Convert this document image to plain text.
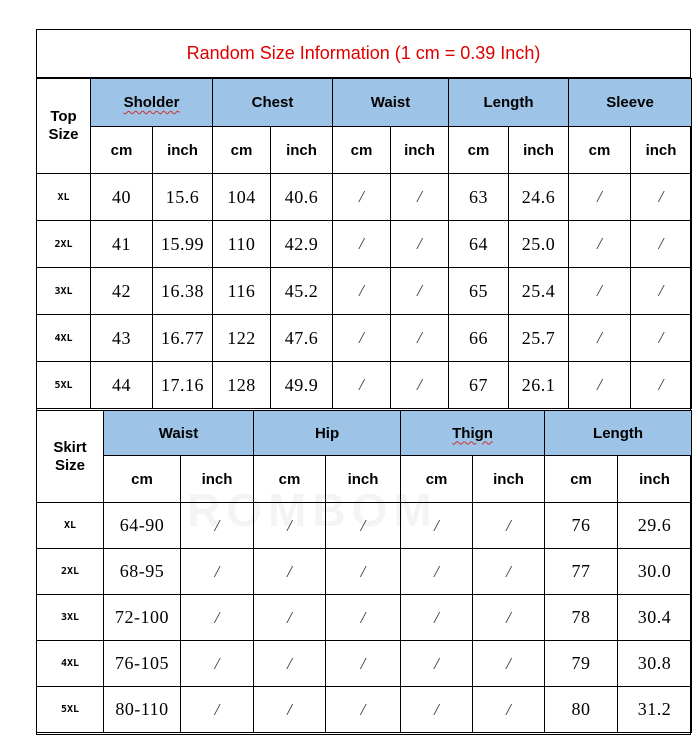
Random Size Information (1 cm = 0.39 Inch)
Top
Size	Sholder		Chest		Waist		Length		Sleeve	
	cm	inch	cm	inch	cm	inch	cm	inch	cm	inch
XL	40	15.6	104	40.6	/	/	63	24.6	/	/
2XL	41	15.99	110	42.9	/	/	64	25.0	/	/
3XL	42	16.38	116	45.2	/	/	65	25.4	/	/
4XL	43	16.77	122	47.6	/	/	66	25.7	/	/
5XL	44	17.16	128	49.9	/	/	67	26.1	/	/
Skirt
Size	Waist		Hip		Thign		Length	
	cm	inch	cm	inch	cm	inch	cm	inch
XL	64-90	/	/	/	/	/	76	29.6
2XL	68-95	/	/	/	/	/	77	30.0
3XL	72-100	/	/	/	/	/	78	30.4
4XL	76-105	/	/	/	/	/	79	30.8
5XL	80-110	/	/	/	/	/	80	31.2
